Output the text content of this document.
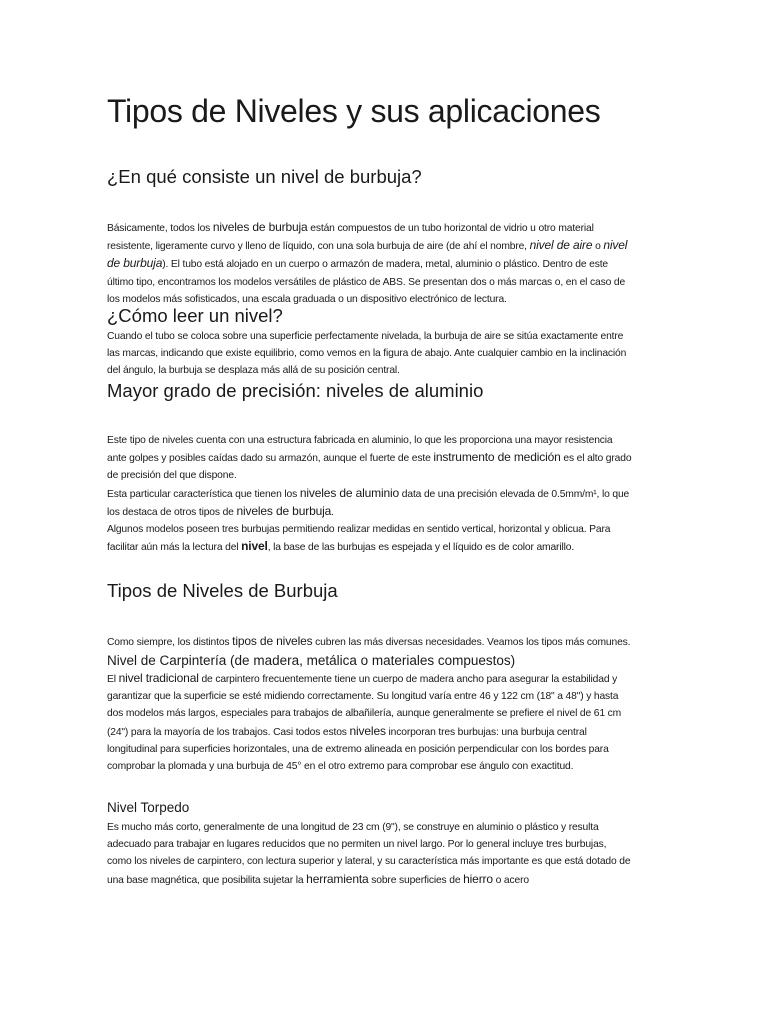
Tipos de Niveles y sus aplicaciones
¿En qué consiste un nivel de burbuja?
Básicamente, todos los niveles de burbuja están compuestos de un tubo horizontal de vidrio u otro material
resistente, ligeramente curvo y lleno de líquido, con una sola burbuja de aire (de ahí el nombre, nivel de aire o nivel
de burbuja). El tubo está alojado en un cuerpo o armazón de madera, metal, aluminio o plástico. Dentro de este
último tipo, encontramos los modelos versátiles de plástico de ABS. Se presentan dos o más marcas o, en el caso de
los modelos más sofisticados, una escala graduada o un dispositivo electrónico de lectura.
¿Cómo leer un nivel?
Cuando el tubo se coloca sobre una superficie perfectamente nivelada, la burbuja de aire se sitúa exactamente entre
las marcas, indicando que existe equilibrio, como vemos en la figura de abajo. Ante cualquier cambio en la inclinación
del ángulo, la burbuja se desplaza más allá de su posición central.
Mayor grado de precisión: niveles de aluminio
Este tipo de niveles cuenta con una estructura fabricada en aluminio, lo que les proporciona una mayor resistencia
ante golpes y posibles caídas dado su armazón, aunque el fuerte de este instrumento de medición es el alto grado
de precisión del que dispone.
Esta particular característica que tienen los niveles de aluminio data de una precisión elevada de 0.5mm/m¹, lo que
los destaca de otros tipos de niveles de burbuja.
Algunos modelos poseen tres burbujas permitiendo realizar medidas en sentido vertical, horizontal y oblicua. Para
facilitar aún más la lectura del nivel, la base de las burbujas es espejada y el líquido es de color amarillo.
Tipos de Niveles de Burbuja
Como siempre, los distintos tipos de niveles cubren las más diversas necesidades. Veamos los tipos más comunes.
Nivel de Carpintería (de madera, metálica o materiales compuestos)
El nivel tradicional de carpintero frecuentemente tiene un cuerpo de madera ancho para asegurar la estabilidad y
garantizar que la superficie se esté midiendo correctamente. Su longitud varía entre 46 y 122 cm (18" a 48") y hasta
dos modelos más largos, especiales para trabajos de albañilería, aunque generalmente se prefiere el nivel de 61 cm
(24") para la mayoría de los trabajos. Casi todos estos niveles incorporan tres burbujas: una burbuja central
longitudinal para superficies horizontales, una de extremo alineada en posición perpendicular con los bordes para
comprobar la plomada y una burbuja de 45° en el otro extremo para comprobar ese ángulo con exactitud.
Nivel Torpedo
Es mucho más corto, generalmente de una longitud de 23 cm (9"), se construye en aluminio o plástico y resulta
adecuado para trabajar en lugares reducidos que no permiten un nivel largo. Por lo general incluye tres burbujas,
como los niveles de carpintero, con lectura superior y lateral, y su característica más importante es que está dotado de
una base magnética, que posibilita sujetar la herramienta sobre superficies de hierro o acero
